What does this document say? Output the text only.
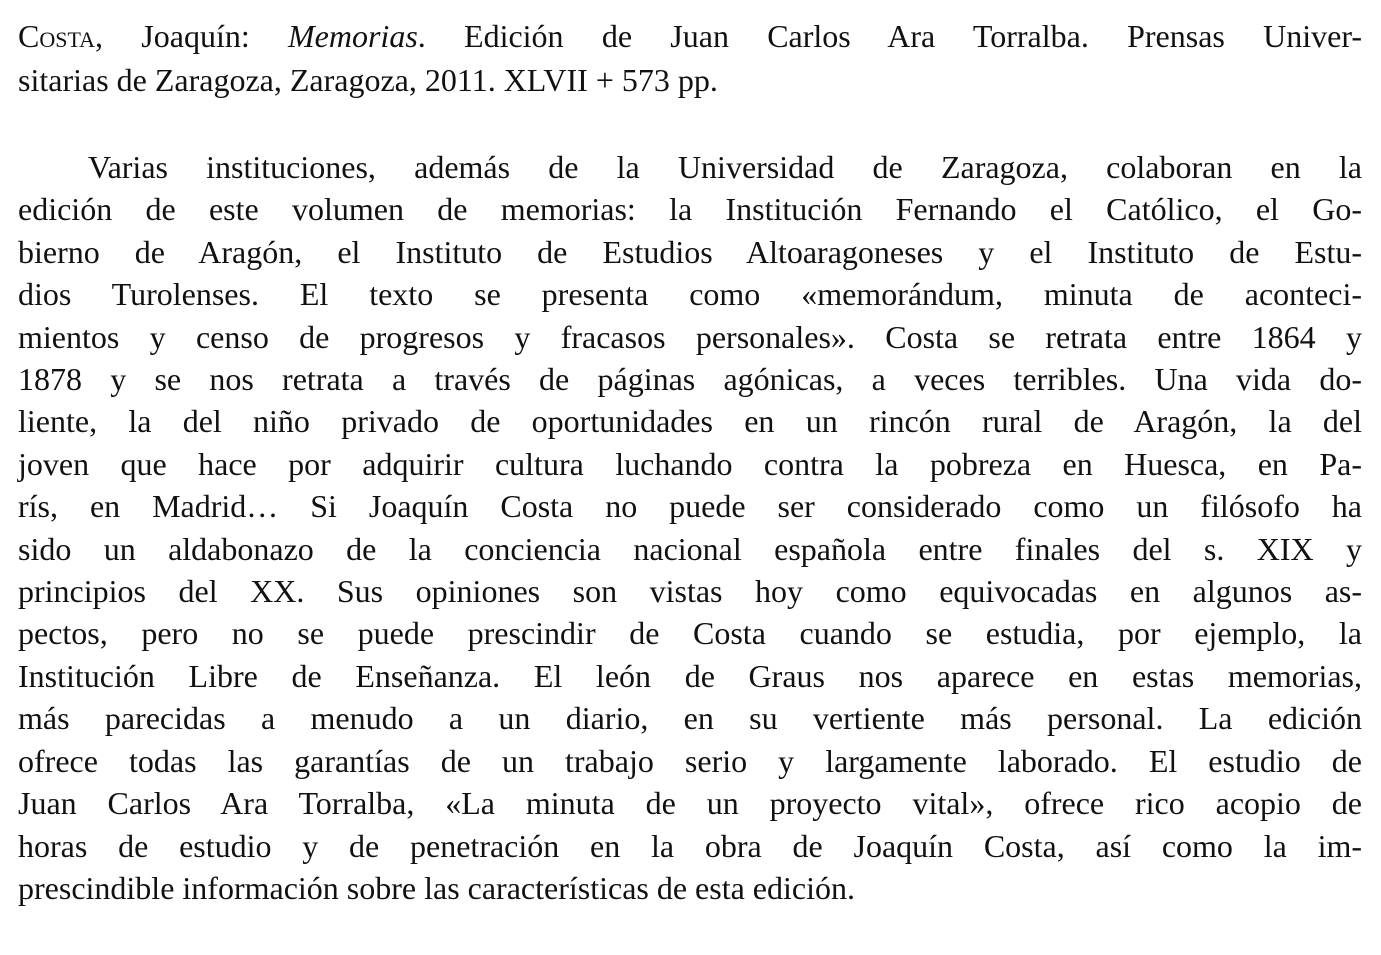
Costa, Joaquín: Memorias. Edición de Juan Carlos Ara Torralba. Prensas Univer-
sitarias de Zaragoza, Zaragoza, 2011. XLVII + 573 pp.

Varias instituciones, además de la Universidad de Zaragoza, colaboran en la
edición de este volumen de memorias: la Institución Fernando el Católico, el Go-
bierno de Aragón, el Instituto de Estudios Altoaragoneses y el Instituto de Estu-
dios Turolenses. El texto se presenta como «memorándum, minuta de aconteci-
mientos y censo de progresos y fracasos personales». Costa se retrata entre 1864 y
1878 y se nos retrata a través de páginas agónicas, a veces terribles. Una vida do-
liente, la del niño privado de oportunidades en un rincón rural de Aragón, la del
joven que hace por adquirir cultura luchando contra la pobreza en Huesca, en Pa-
rís, en Madrid… Si Joaquín Costa no puede ser considerado como un filósofo ha
sido un aldabonazo de la conciencia nacional española entre finales del s. XIX y
principios del XX. Sus opiniones son vistas hoy como equivocadas en algunos as-
pectos, pero no se puede prescindir de Costa cuando se estudia, por ejemplo, la
Institución Libre de Enseñanza. El león de Graus nos aparece en estas memorias,
más parecidas a menudo a un diario, en su vertiente más personal. La edición
ofrece todas las garantías de un trabajo serio y largamente laborado. El estudio de
Juan Carlos Ara Torralba, «La minuta de un proyecto vital», ofrece rico acopio de
horas de estudio y de penetración en la obra de Joaquín Costa, así como la im-
prescindible información sobre las características de esta edición.
